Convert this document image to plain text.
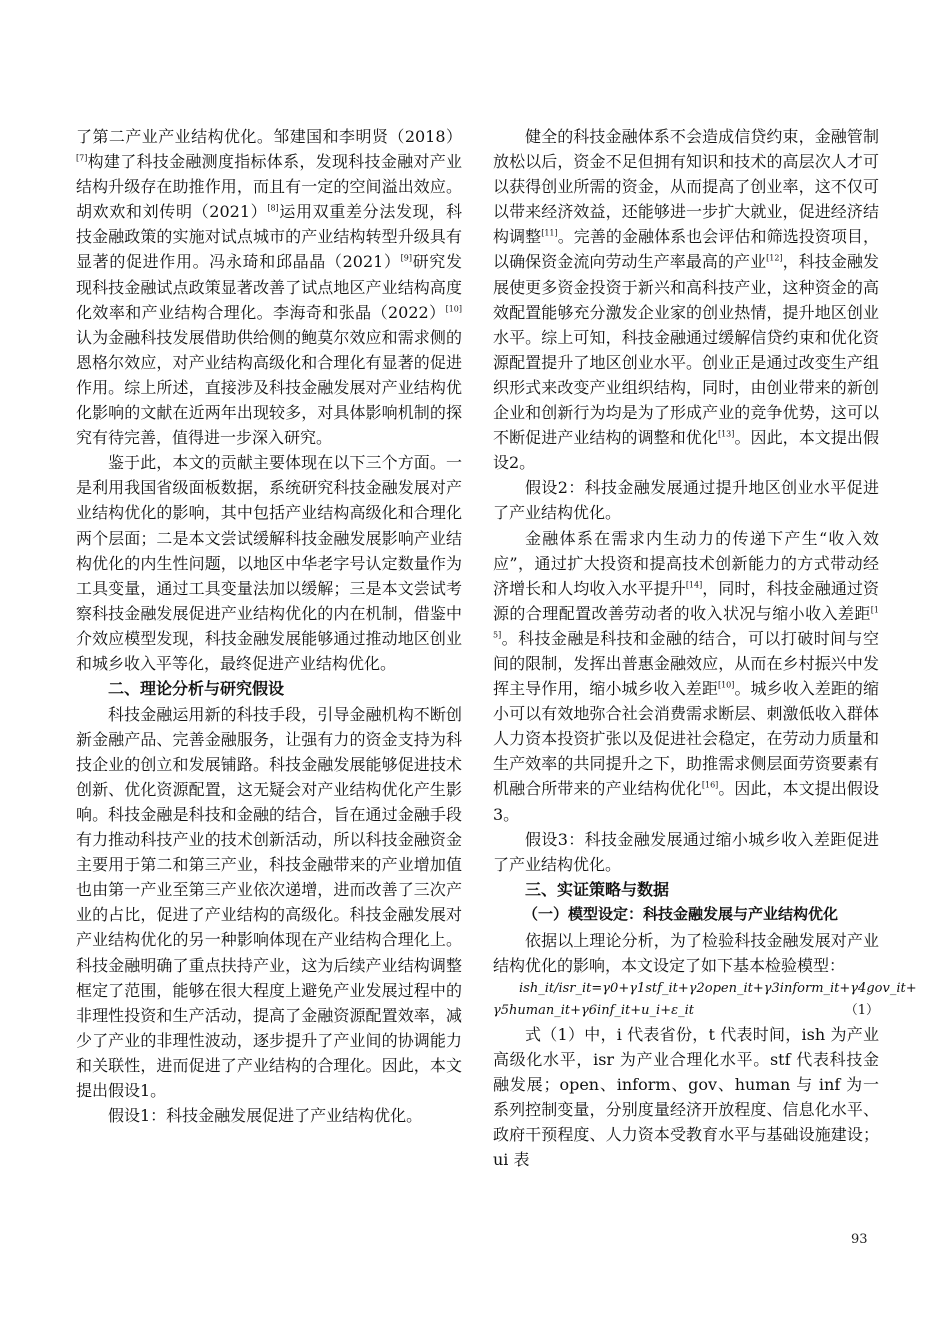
了第二产业产业结构优化。邹建国和李明贤（2018）[7]构建了科技金融测度指标体系，发现科技金融对产业结构升级存在助推作用，而且有一定的空间溢出效应。胡欢欢和刘传明（2021）[8]运用双重差分法发现，科技金融政策的实施对试点城市的产业结构转型升级具有显著的促进作用。冯永琦和邱晶晶（2021）[9]研究发现科技金融试点政策显著改善了试点地区产业结构高度化效率和产业结构合理化。李海奇和张晶（2022）[10]认为金融科技发展借助供给侧的鲍莫尔效应和需求侧的恩格尔效应，对产业结构高级化和合理化有显著的促进作用。综上所述，直接涉及科技金融发展对产业结构优化影响的文献在近两年出现较多，对具体影响机制的探究有待完善，值得进一步深入研究。

鉴于此，本文的贡献主要体现在以下三个方面。一是利用我国省级面板数据，系统研究科技金融发展对产业结构优化的影响，其中包括产业结构高级化和合理化两个层面；二是本文尝试缓解科技金融发展影响产业结构优化的内生性问题，以地区中华老字号认定数量作为工具变量，通过工具变量法加以缓解；三是本文尝试考察科技金融发展促进产业结构优化的内在机制，借鉴中介效应模型发现，科技金融发展能够通过推动地区创业和城乡收入平等化，最终促进产业结构优化。

二、理论分析与研究假设

科技金融运用新的科技手段，引导金融机构不断创新金融产品、完善金融服务，让强有力的资金支持为科技企业的创立和发展铺路。科技金融发展能够促进技术创新、优化资源配置，这无疑会对产业结构优化产生影响。科技金融是科技和金融的结合，旨在通过金融手段有力推动科技产业的技术创新活动，所以科技金融资金主要用于第二和第三产业，科技金融带来的产业增加值也由第一产业至第三产业依次递增，进而改善了三次产业的占比，促进了产业结构的高级化。科技金融发展对产业结构优化的另一种影响体现在产业结构合理化上。科技金融明确了重点扶持产业，这为后续产业结构调整框定了范围，能够在很大程度上避免产业发展过程中的非理性投资和生产活动，提高了金融资源配置效率，减少了产业的非理性波动，逐步提升了产业间的协调能力和关联性，进而促进了产业结构的合理化。因此，本文提出假设1。

假设1：科技金融发展促进了产业结构优化。

健全的科技金融体系不会造成信贷约束，金融管制放松以后，资金不足但拥有知识和技术的高层次人才可以获得创业所需的资金，从而提高了创业率，这不仅可以带来经济效益，还能够进一步扩大就业，促进经济结构调整[11]。完善的金融体系也会评估和筛选投资项目，以确保资金流向劳动生产率最高的产业[12]，科技金融发展使更多资金投资于新兴和高科技产业，这种资金的高效配置能够充分激发企业家的创业热情，提升地区创业水平。综上可知，科技金融通过缓解信贷约束和优化资源配置提升了地区创业水平。创业正是通过改变生产组织形式来改变产业组织结构，同时，由创业带来的新创企业和创新行为均是为了形成产业的竞争优势，这可以不断促进产业结构的调整和优化[13]。因此，本文提出假设2。

假设2：科技金融发展通过提升地区创业水平促进了产业结构优化。

金融体系在需求内生动力的传递下产生“收入效应”，通过扩大投资和提高技术创新能力的方式带动经济增长和人均收入水平提升[14]，同时，科技金融通过资源的合理配置改善劳动者的收入状况与缩小收入差距[15]。科技金融是科技和金融的结合，可以打破时间与空间的限制，发挥出普惠金融效应，从而在乡村振兴中发挥主导作用，缩小城乡收入差距[10]。城乡收入差距的缩小可以有效地弥合社会消费需求断层、刺激低收入群体人力资本投资扩张以及促进社会稳定，在劳动力质量和生产效率的共同提升之下，助推需求侧层面劳资要素有机融合所带来的产业结构优化[16]。因此，本文提出假设3。

假设3：科技金融发展通过缩小城乡收入差距促进了产业结构优化。

三、实证策略与数据
（一）模型设定：科技金融发展与产业结构优化

依据以上理论分析，为了检验科技金融发展对产业结构优化的影响，本文设定了如下基本检验模型：

ish_it/isr_it=γ0+γ1stf_it+γ2open_it+γ3inform_it+γ4gov_it+
γ5human_it+γ6inf_it+u_i+ε_it	（1）

式（1）中，i 代表省份，t 代表时间，ish 为产业高级化水平，isr 为产业合理化水平。stf 代表科技金融发展；open、inform、gov、human 与 inf 为一系列控制变量，分别度量经济开放程度、信息化水平、政府干预程度、人力资本受教育水平与基础设施建设；ui 表

93
